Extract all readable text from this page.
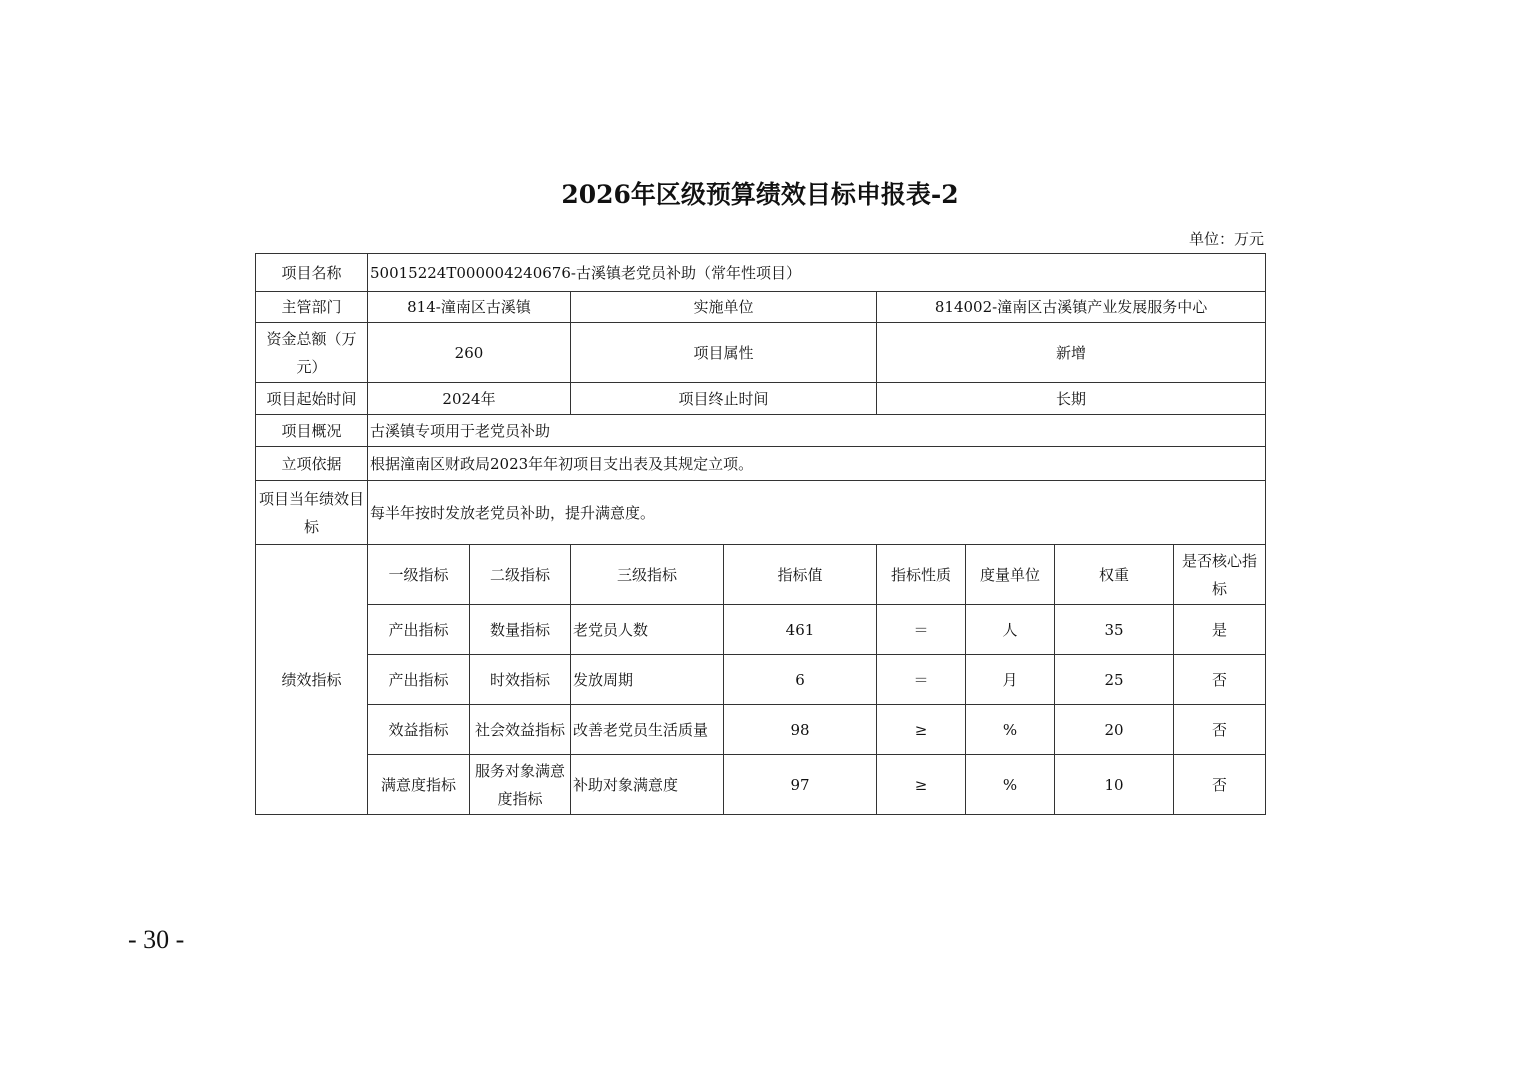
2026年区级预算绩效目标申报表-2
单位：万元
项目名称	50015224T000004240676-古溪镇老党员补助（常年性项目）							
主管部门	814-潼南区古溪镇		实施单位		814002-潼南区古溪镇产业发展服务中心			
资金总额（万元）	260		项目属性		新增			
项目起始时间	2024年		项目终止时间		长期			
项目概况	古溪镇专项用于老党员补助							
立项依据	根据潼南区财政局2023年年初项目支出表及其规定立项。							
项目当年绩效目标	每半年按时发放老党员补助，提升满意度。							
绩效指标	一级指标	二级指标	三级指标	指标值	指标性质	度量单位	权重	是否核心指标
	产出指标	数量指标	老党员人数	461	＝	人	35	是
	产出指标	时效指标	发放周期	6	＝	月	25	否
	效益指标	社会效益指标	改善老党员生活质量	98	≥	%	20	否
	满意度指标	服务对象满意度指标	补助对象满意度	97	≥	%	10	否
- 30 -
